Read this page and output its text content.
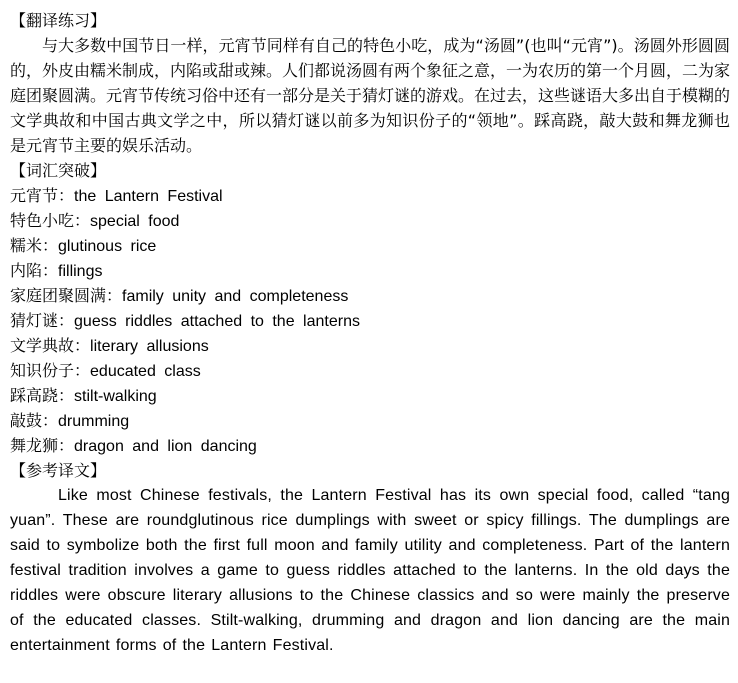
【翻译练习】

与大多数中国节日一样，元宵节同样有自己的特色小吃，成为“汤圆”(也叫“元宵”)。汤圆外形圆圆的，外皮由糯米制成，内陷或甜或辣。人们都说汤圆有两个象征之意，一为农历的第一个月圆，二为家庭团聚圆满。元宵节传统习俗中还有一部分是关于猜灯谜的游戏。在过去，这些谜语大多出自于模糊的文学典故和中国古典文学之中，所以猜灯谜以前多为知识份子的“领地”。踩高跷，敲大鼓和舞龙狮也是元宵节主要的娱乐活动。

【词汇突破】
元宵节：the Lantern Festival
特色小吃：special food
糯米：glutinous rice
内陷：fillings
家庭团聚圆满：family unity and completeness
猜灯谜：guess riddles attached to the lanterns
文学典故：literary allusions
知识份子：educated class
踩高跷：stilt-walking
敲鼓：drumming
舞龙狮：dragon and lion dancing
【参考译文】

Like most Chinese festivals, the Lantern Festival has its own special food, called “tang yuan”. These are roundglutinous rice dumplings with sweet or spicy fillings. The dumplings are said to symbolize both the first full moon and family utility and completeness. Part of the lantern festival tradition involves a game to guess riddles attached to the lanterns. In the old days the riddles were obscure literary allusions to the Chinese classics and so were mainly the preserve of the educated classes. Stilt-walking, drumming and dragon and lion dancing are the main entertainment forms of the Lantern Festival.
